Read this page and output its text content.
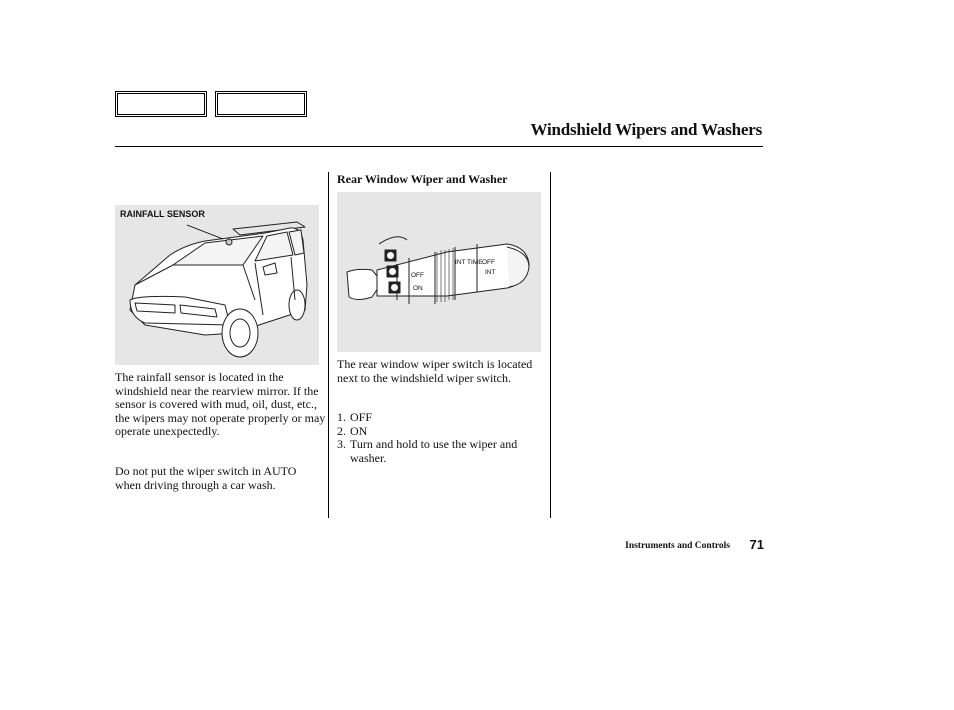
Windshield Wipers and Washers
RAINFALL SENSOR

The rainfall sensor is located in the windshield near the rearview mirror. If the sensor is covered with mud, oil, dust, etc., the wipers may not operate properly or may operate unexpectedly.

Do not put the wiper switch in AUTO when driving through a car wash.

Rear Window Wiper and Washer
OFF
ON
INT TIME OFF
INT

The rear window wiper switch is located next to the windshield wiper switch.

1. OFF
2. ON
3. Turn and hold to use the wiper and washer.
Instruments and Controls 71
